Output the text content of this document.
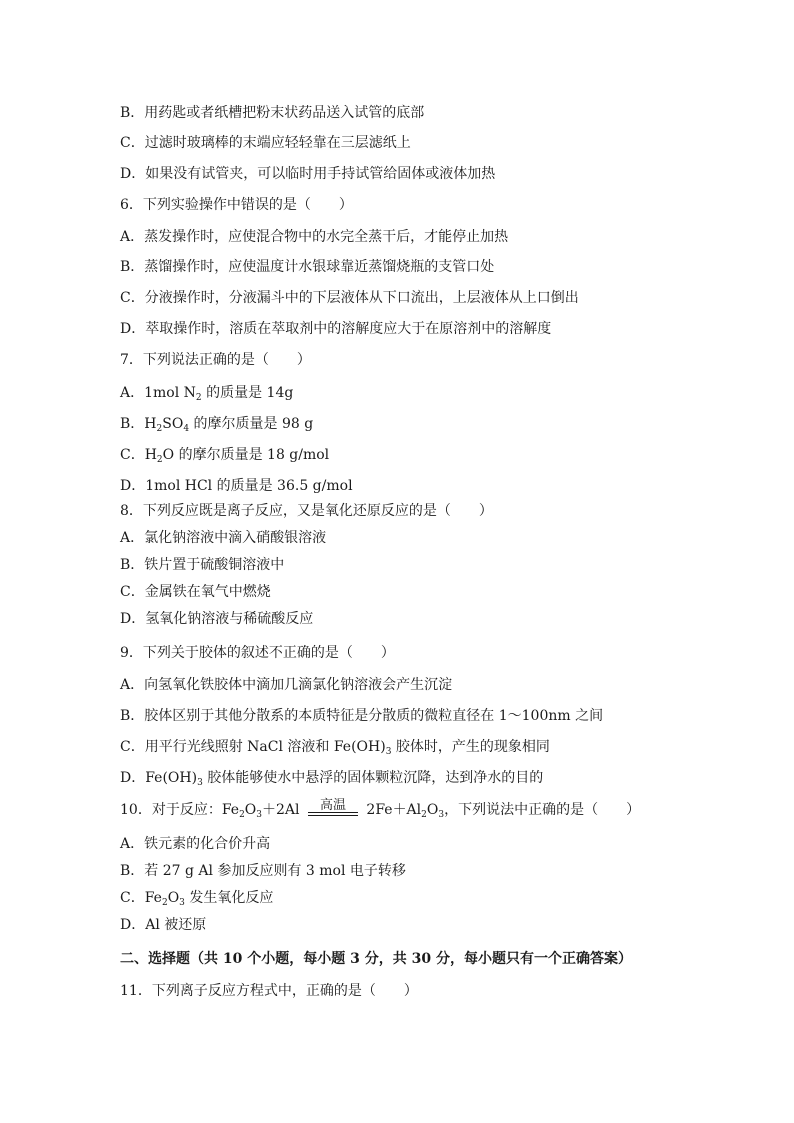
B．用药匙或者纸槽把粉末状药品送入试管的底部
C．过滤时玻璃棒的末端应轻轻靠在三层滤纸上
D．如果没有试管夹，可以临时用手持试管给固体或液体加热
6．下列实验操作中错误的是（　　）
A．蒸发操作时，应使混合物中的水完全蒸干后，才能停止加热
B．蒸馏操作时，应使温度计水银球靠近蒸馏烧瓶的支管口处
C．分液操作时，分液漏斗中的下层液体从下口流出，上层液体从上口倒出
D．萃取操作时，溶质在萃取剂中的溶解度应大于在原溶剂中的溶解度
7．下列说法正确的是（　　）
A．1mol $N_2$ 的质量是 14g
B．$H_2SO_4$ 的摩尔质量是 98 g
C．$H_2O$ 的摩尔质量是 18 g/mol
D．1mol HCl 的质量是 36.5 g/mol
8．下列反应既是离子反应，又是氧化还原反应的是（　　）
A．氯化钠溶液中滴入硝酸银溶液
B．铁片置于硫酸铜溶液中
C．金属铁在氧气中燃烧
D．氢氧化钠溶液与稀硫酸反应
9．下列关于胶体的叙述不正确的是（　　）
A．向氢氧化铁胶体中滴加几滴氯化钠溶液会产生沉淀
B．胶体区别于其他分散系的本质特征是分散质的微粒直径在 1～100nm 之间
C．用平行光线照射 NaCl 溶液和 $Fe(OH)_3$ 胶体时，产生的现象相同
D．$Fe(OH)_3$ 胶体能够使水中悬浮的固体颗粒沉降，达到净水的目的
10．对于反应：$Fe_2O_3+2Al$	高温	$2Fe+Al_2O_3$，下列说法中正确的是（　　）
A．铁元素的化合价升高
B．若 27 g Al 参加反应则有 3 mol 电子转移
C．$Fe_2O_3$ 发生氧化反应
D．Al 被还原
二、选择题（共 10 个小题，每小题 3 分，共 30 分，每小题只有一个正确答案）
11．下列离子反应方程式中，正确的是（　　）
